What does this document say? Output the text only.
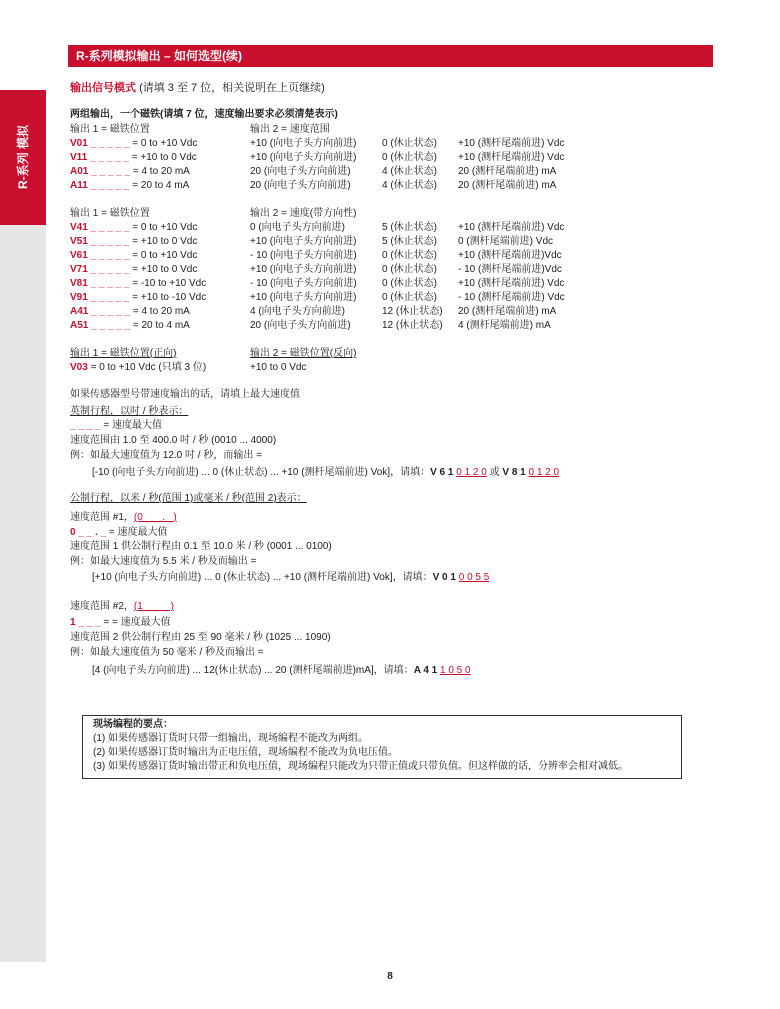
R-系列模拟输出 – 如何选型(续)
R-系列 模拟
输出信号模式 (请填 3 至 7 位，相关说明在上页继续)
两组输出，一个磁铁(请填 7 位，速度输出要求必须清楚表示)
输出 1 = 磁铁位置	输出 2 = 速度范围
V01 _ _ _ _ _ = 0 to +10 Vdc	+10 (向电子头方向前进)	0 (休止状态) +10 (测杆尾端前进) Vdc
V11 _ _ _ _ _ = +10 to 0 Vdc	+10 (向电子头方向前进)	0 (休止状态) +10 (测杆尾端前进) Vdc
A01 _ _ _ _ _ = 4 to 20 mA	20 (向电子头方向前进)	4 (休止状态) 20 (测杆尾端前进) mA
A11 _ _ _ _ _ = 20 to 4 mA	20 (向电子头方向前进)	4 (休止状态) 20 (测杆尾端前进) mA
输出 1 = 磁铁位置	输出 2 = 速度(带方向性)
V41 _ _ _ _ _ = 0 to +10 Vdc	0 (向电子头方向前进)	5 (休止状态) +10 (测杆尾端前进) Vdc
V51 _ _ _ _ _ = +10 to 0 Vdc	+10 (向电子头方向前进)	5 (休止状态) 0 (测杆尾端前进) Vdc
V61 _ _ _ _ _ = 0 to +10 Vdc	- 10 (向电子头方向前进)	0 (休止状态) +10 (测杆尾端前进)Vdc
V71 _ _ _ _ _ = +10 to 0 Vdc	+10 (向电子头方向前进)	0 (休止状态) - 10 (测杆尾端前进)Vdc
V81 _ _ _ _ _ = -10 to +10 Vdc	- 10 (向电子头方向前进)	0 (休止状态) +10 (测杆尾端前进) Vdc
V91 _ _ _ _ _ = +10 to -10 Vdc	+10 (向电子头方向前进)	0 (休止状态) - 10 (测杆尾端前进) Vdc
A41 _ _ _ _ _ = 4 to 20 mA	4 (向电子头方向前进)	12 (休止状态) 20 (测杆尾端前进) mA
A51 _ _ _ _ _ = 20 to 4 mA	20 (向电子头方向前进)	12 (休止状态) 4 (测杆尾端前进) mA
输出 1 = 磁铁位置(正向)	输出 2 = 磁铁位置(反向)
V03 = 0 to +10 Vdc (只填 3 位)	+10 to 0 Vdc
如果传感器型号带速度输出的话，请填上最大速度值
英制行程，以吋 / 秒表示：
_ _ _ _ = 速度最大值
速度范围由 1.0 至 400.0 吋 / 秒 (0010 ... 4000)
例：如最大速度值为 12.0 吋 / 秒，而输出 =
[-10 (向电子头方向前进) ... 0 (休止状态) ... +10 (测杆尾端前进) Vok]，请填：V 6 1 0 1 2 0 或 V 8 1 0 1 2 0
公制行程，以米 / 秒(范围 1)或毫米 / 秒(范围 2)表示：
速度范围 #1，(0 _ _ . _)
0 _ _ . _ = 速度最大值
速度范围 1 供公制行程由 0.1 至 10.0 米 / 秒 (0001 ... 0100)
例：如最大速度值为 5.5 米 / 秒及而输出 =
[+10 (向电子头方向前进) ... 0 (休止状态) ... +10 (测杆尾端前进) Vok]，请填：V 0 1 0 0 5 5
速度范围 #2，(1 _ _ _ )
1 _ _ _ = = 速度最大值
速度范围 2 供公制行程由 25 至 90 毫米 / 秒 (1025 ... 1090)
例：如最大速度值为 50 毫米 / 秒及而输出 =
[4 (向电子头方向前进) ... 12(休止状态) ... 20 (测杆尾端前进)mA]，请填：A 4 1 1 0 5 0
现场编程的要点：
(1) 如果传感器订货时只带一组输出，现场编程不能改为两组。
(2) 如果传感器订货时输出为正电压值，现场编程不能改为负电压值。
(3) 如果传感器订货时输出带正和负电压值，现场编程只能改为只带正值或只带负值。但这样做的话，分辨率会相对减低。
8
